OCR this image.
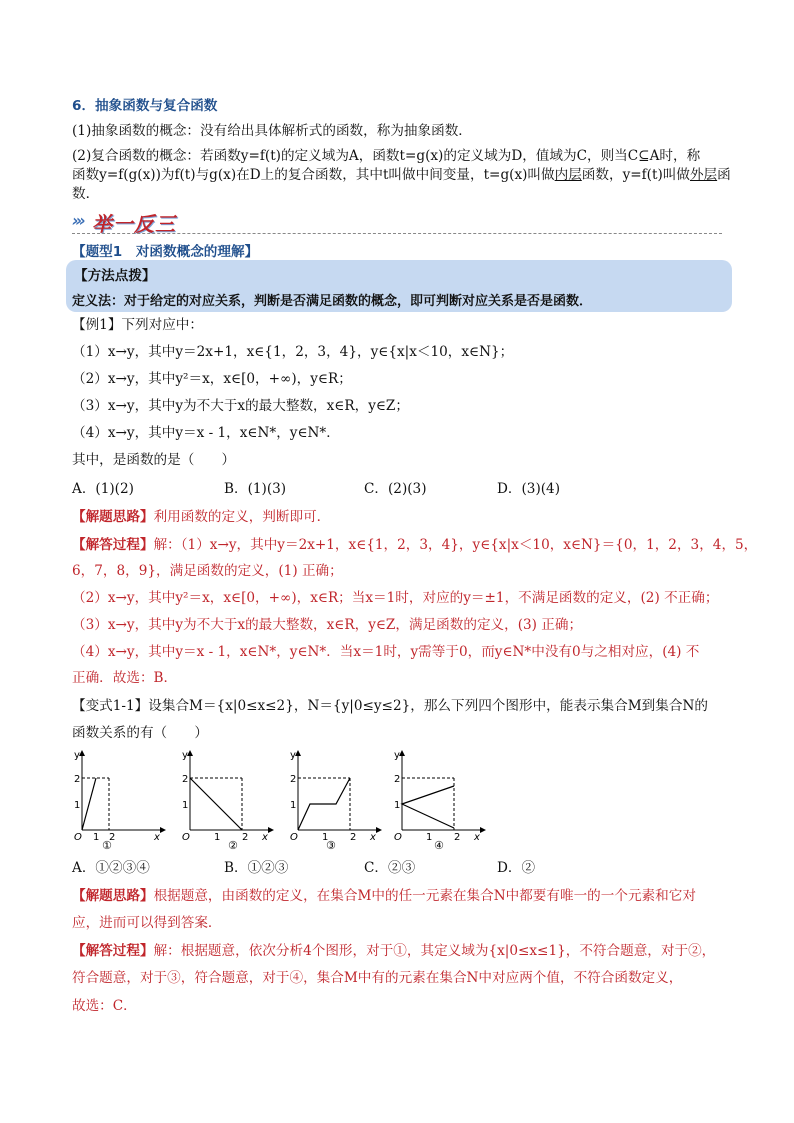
6．抽象函数与复合函数
(1)抽象函数的概念：没有给出具体解析式的函数，称为抽象函数．
(2)复合函数的概念：若函数y=f(t)的定义域为A，函数t=g(x)的定义域为D，值域为C，则当C⊆A时，称
函数y=f(g(x))为f(t)与g(x)在D上的复合函数，其中t叫做中间变量，t=g(x)叫做内层函数，y=f(t)叫做外层函
数．
››› 举一反三
【题型1　对函数概念的理解】
【方法点拨】
定义法：对于给定的对应关系，判断是否满足函数的概念，即可判断对应关系是否是函数．
【例1】下列对应中：
（1）x→y，其中y＝2x+1，x∈{1，2，3，4}，y∈{x|x＜10，x∈N}；
（2）x→y，其中y²＝x，x∈[0，+∞)，y∈R；
（3）x→y，其中y为不大于x的最大整数，x∈R，y∈Z；
（4）x→y，其中y＝x - 1，x∈N*，y∈N*．
其中，是函数的是（　　）
A．(1)(2)	B．(1)(3)	C．(2)(3)	D．(3)(4)
【解题思路】利用函数的定义，判断即可．
【解答过程】解：（1）x→y，其中y＝2x+1，x∈{1，2，3，4}，y∈{x|x＜10，x∈N}＝{0，1，2，3，4，5，
6，7，8，9}，满足函数的定义，(1) 正确；
（2）x→y，其中y²＝x，x∈[0，+∞)，x∈R；当x＝1时，对应的y＝±1，不满足函数的定义，(2) 不正确；
（3）x→y，其中y为不大于x的最大整数，x∈R，y∈Z，满足函数的定义，(3) 正确；
（4）x→y，其中y＝x - 1，x∈N*，y∈N*．当x＝1时，y需等于0，而y∈N*中没有0与之相对应，(4) 不
正确．故选：B．
【变式1-1】设集合M＝{x|0≤x≤2}，N＝{y|0≤y≤2}，那么下列四个图形中，能表示集合M到集合N的
函数关系的有（　　）
y
2
1
O 1 2	x
①
y
2
1
O 1 2 x
②
y
2
1
O 1 2 x
③
y
2
1
O 1 2 x
④
A．①②③④	B．①②③	C．②③	D．②
【解题思路】根据题意，由函数的定义，在集合M中的任一元素在集合N中都要有唯一的一个元素和它对
应，进而可以得到答案．
【解答过程】解：根据题意，依次分析4个图形，对于①，其定义域为{x|0≤x≤1}，不符合题意，对于②，
符合题意，对于③，符合题意，对于④，集合M中有的元素在集合N中对应两个值，不符合函数定义，
故选：C．
